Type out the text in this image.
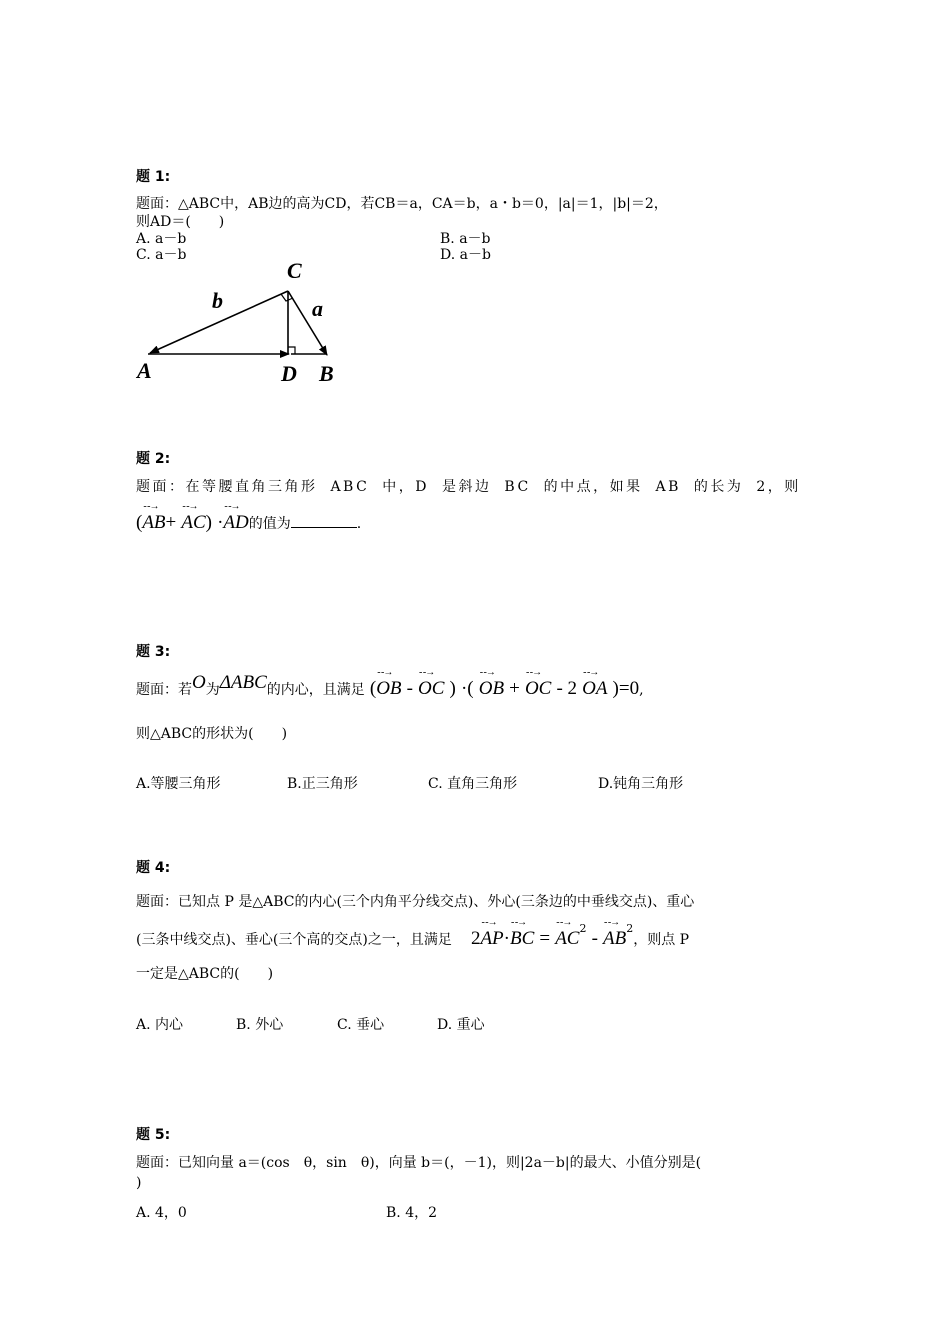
题 1:
题面：△ABC中，AB边的高为CD，若CB＝a，CA＝b，a・b＝0，|a|＝1，|b|＝2，
则AD＝(　　)
A. a－b	B. a－b
C. a－b	D. a－b
C
b	a
A	D B
题 2:
题面：在等腰直角三角形 ABC 中，D 是斜边 BC 的中点，如果 AB 的长为 2，则
(- -→ AB+ - -→ AC) ·- -→ AD的值为	.
题 3:
题面：若O为ΔABC的内心，且满足 (- -→ OB - - -→ OC ) ·( - -→ OB + - -→ OC - 2 - -→ OA )=0,
则△ABC的形状为(　　)
A.等腰三角形	B.正三角形	C. 直角三角形	D.钝角三角形
题 4:
题面：已知点 P 是△ABC的内心(三个内角平分线交点)、外心(三条边的中垂线交点)、重心
(三条中线交点)、垂心(三个高的交点)之一，且满足 2- -→ AP·- -→ BC = - -→ $AC^2$ - - -→ $AB^2$，则点 P
一定是△ABC的(　　)
A. 内心	B. 外心	C. 垂心	D. 重心
题 5:
题面：已知向量 a＝(cos　θ，sin　θ)，向量 b＝(，－1)，则|2a－b|的最大、小值分别是(
)
A. 4，0	B. 4，2
